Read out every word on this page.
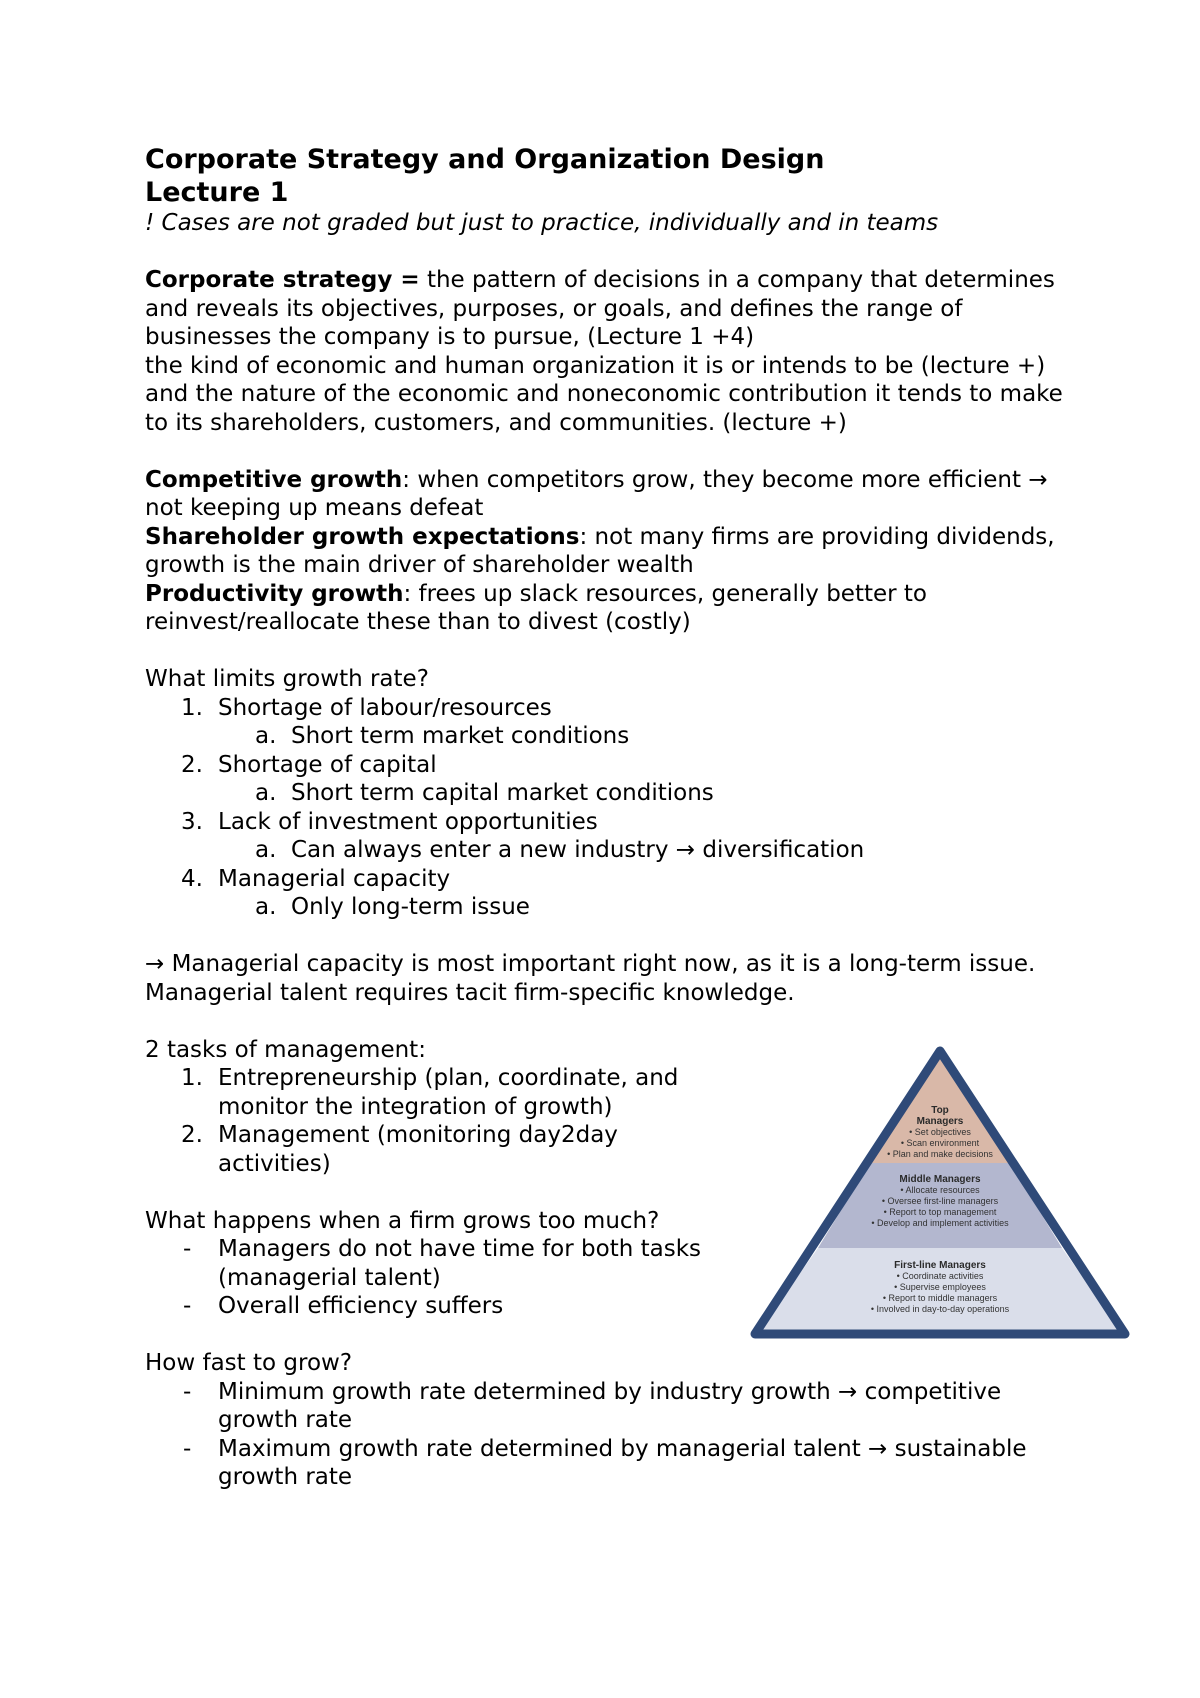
Corporate Strategy and Organization Design
Lecture 1
! Cases are not graded but just to practice, individually and in teams

Corporate strategy = the pattern of decisions in a company that determines and reveals its objectives, purposes, or goals, and defines the range of businesses the company is to pursue, (Lecture 1 +4)

the kind of economic and human organization it is or intends to be (lecture +)

and the nature of the economic and noneconomic contribution it tends to make to its shareholders, customers, and communities. (lecture +)

Competitive growth: when competitors grow, they become more efficient → not keeping up means defeat

Shareholder growth expectations: not many firms are providing dividends, growth is the main driver of shareholder wealth

Productivity growth: frees up slack resources, generally better to reinvest/reallocate these than to divest (costly)

What limits growth rate?
1. Shortage of labour/resources
a. Short term market conditions
2. Shortage of capital
a. Short term capital market conditions
3. Lack of investment opportunities
a. Can always enter a new industry → diversification
4. Managerial capacity
a. Only long-term issue

→ Managerial capacity is most important right now, as it is a long-term issue. Managerial talent requires tacit firm-specific knowledge.

2 tasks of management:
1. Entrepreneurship (plan, coordinate, and monitor the integration of growth)
2. Management (monitoring day2day activities)
What happens when a firm grows too much?
- Managers do not have time for both tasks (managerial talent)
- Overall efficiency suffers
How fast to grow?
- Minimum growth rate determined by industry growth → competitive growth rate
- Maximum growth rate determined by managerial talent → sustainable growth rate
Top
Managers
• Set objectives
• Scan environment
• Plan and make decisions
Middle Managers
• Allocate resources
• Oversee first-line managers
• Report to top management
• Develop and implement activities
First-line Managers
• Coordinate activities
• Supervise employees
• Report to middle managers
• Involved in day-to-day operations
